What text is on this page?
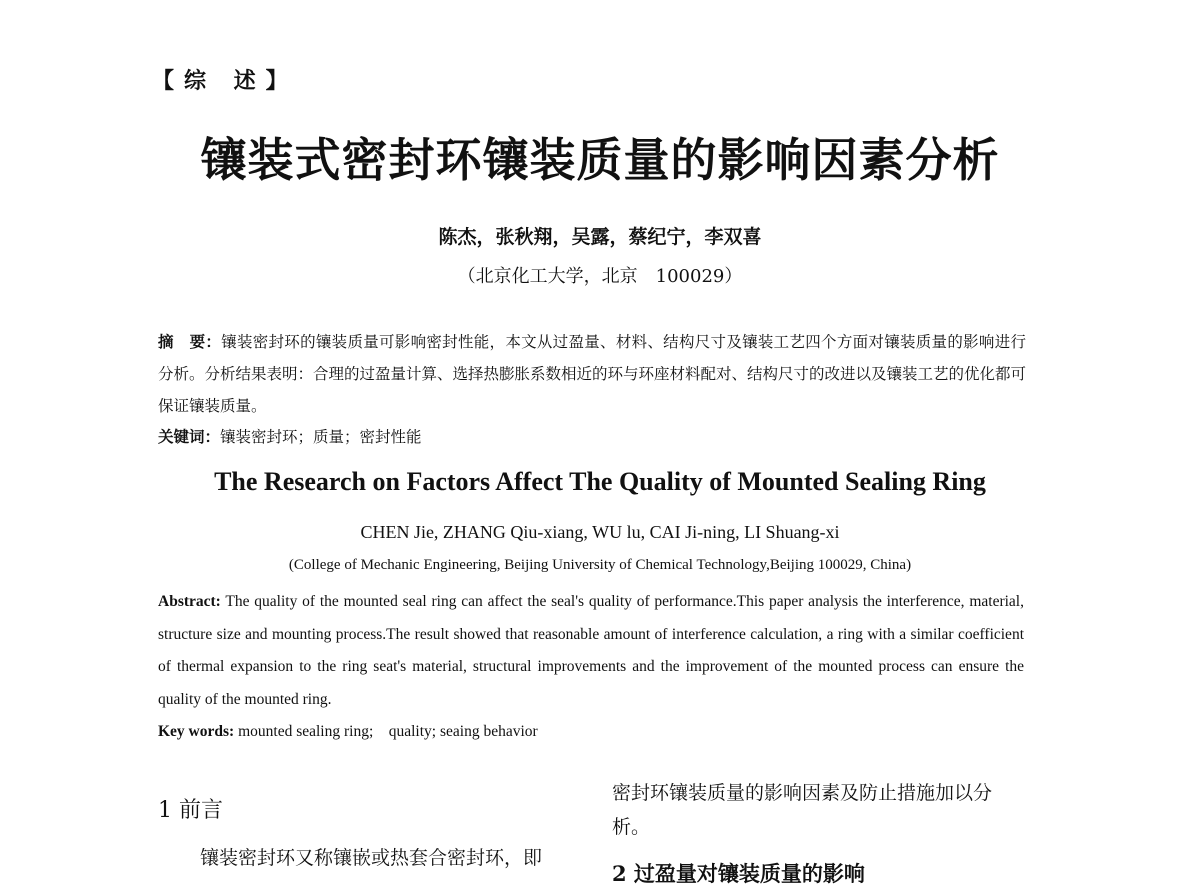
【综 述】
镶装式密封环镶装质量的影响因素分析
陈杰，张秋翔，吴露，蔡纪宁，李双喜
（北京化工大学，北京　100029）
摘　要：镶装密封环的镶装质量可影响密封性能，本文从过盈量、材料、结构尺寸及镶装工艺四个方面对镶装质量的影响进行分析。分析结果表明：合理的过盈量计算、选择热膨胀系数相近的环与环座材料配对、结构尺寸的改进以及镶装工艺的优化都可保证镶装质量。
关键词：镶装密封环；质量；密封性能
The Research on Factors Affect The Quality of Mounted Sealing Ring
CHEN Jie, ZHANG Qiu-xiang, WU lu, CAI Ji-ning, LI Shuang-xi
(College of Mechanic Engineering, Beijing University of Chemical Technology,Beijing 100029, China)
Abstract: The quality of the mounted seal ring can affect the seal's quality of performance.This paper analysis the interference, material, structure size and mounting process.The result showed that reasonable amount of interference calculation, a ring with a similar coefficient of thermal expansion to the ring seat's material, structural improvements and the improvement of the mounted process can ensure the quality of the mounted ring.
Key words: mounted sealing ring;　quality; seaing behavior
1 前言
镶装密封环又称镶嵌或热套合密封环，即
密封环镶装质量的影响因素及防止措施加以分析。
2 过盈量对镶装质量的影响
